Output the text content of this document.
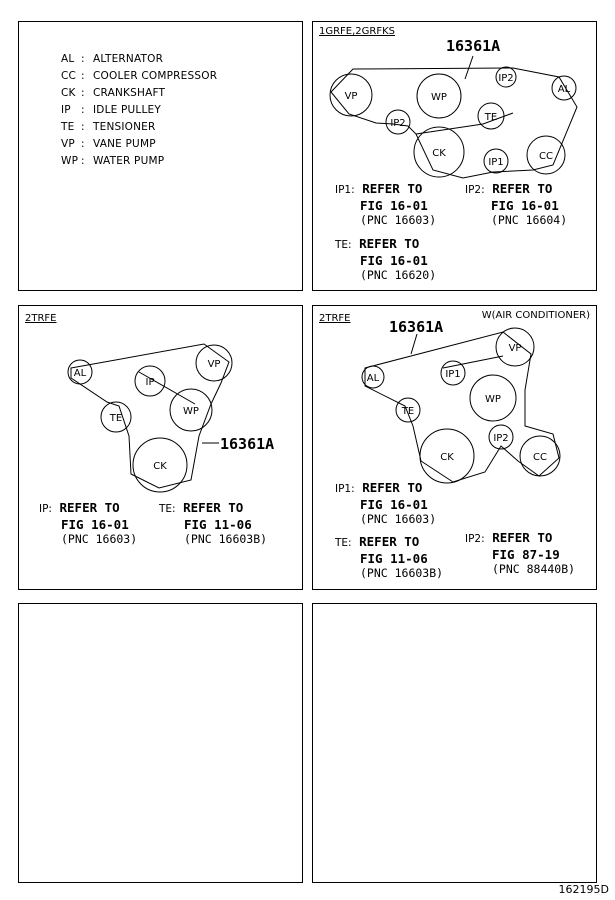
AL : ALTERNATOR
CC : COOLER COMPRESSOR
CK : CRANKSHAFT
IP : IDLE PULLEY
TE : TENSIONER
VP : VANE PUMP
WP : WATER PUMP
1GRFE,2GRFKS
16361A
VP	WP
IP2
AL
IP2
TE
CK
IP1
CC
IP1: REFER TO
FIG 16-01
(PNC 16603)
IP2: REFER TO
FIG 16-01
(PNC 16604)
TE: REFER TO
FIG 16-01
(PNC 16620)
2TRFE
AL
IP
VP
TE
WP
CK
16361A
IP: REFER TO
FIG 16-01
(PNC 16603)
TE: REFER TO
FIG 11-06
(PNC 16603B)
2TRFE	W(AIR CONDITIONER)
16361A
VP
AL	IP1
TE
WP
IP2
CK	CC
IP1: REFER TO
FIG 16-01
(PNC 16603)
TE: REFER TO
FIG 11-06
(PNC 16603B)
IP2: REFER TO
FIG 87-19
(PNC 88440B)
162195D
